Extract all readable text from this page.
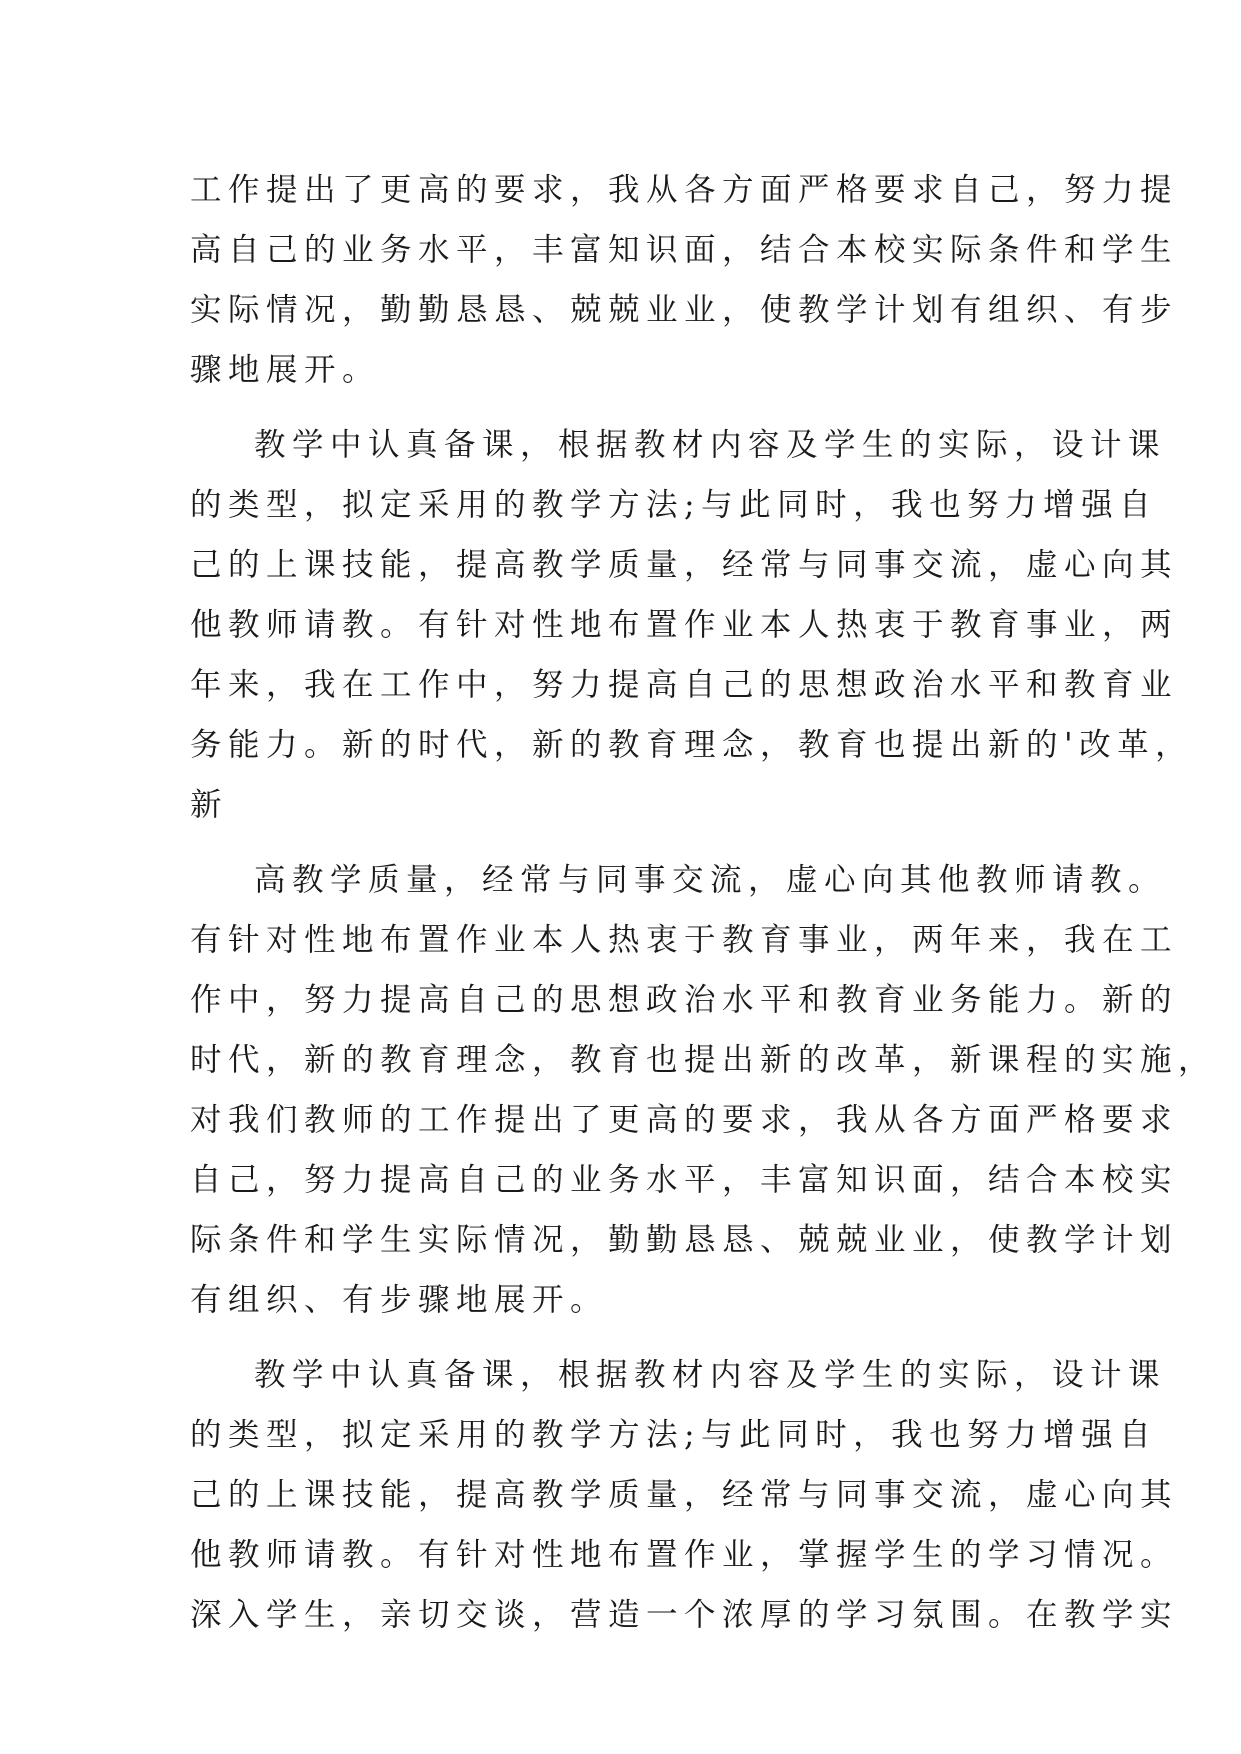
工作提出了更高的要求，我从各方面严格要求自己，努力提

高自己的业务水平，丰富知识面，结合本校实际条件和学生

实际情况，勤勤恳恳、兢兢业业，使教学计划有组织、有步

骤地展开。

教学中认真备课，根据教材内容及学生的实际，设计课

的类型，拟定采用的教学方法;与此同时，我也努力增强自

己的上课技能，提高教学质量，经常与同事交流，虚心向其

他教师请教。有针对性地布置作业本人热衷于教育事业，两

年来，我在工作中，努力提高自己的思想政治水平和教育业

务能力。新的时代，新的教育理念，教育也提出新的'改革，

新

高教学质量，经常与同事交流，虚心向其他教师请教。

有针对性地布置作业本人热衷于教育事业，两年来，我在工

作中，努力提高自己的思想政治水平和教育业务能力。新的

时代，新的教育理念，教育也提出新的改革，新课程的实施，

对我们教师的工作提出了更高的要求，我从各方面严格要求

自己，努力提高自己的业务水平，丰富知识面，结合本校实

际条件和学生实际情况，勤勤恳恳、兢兢业业，使教学计划

有组织、有步骤地展开。

教学中认真备课，根据教材内容及学生的实际，设计课

的类型，拟定采用的教学方法;与此同时，我也努力增强自

己的上课技能，提高教学质量，经常与同事交流，虚心向其

他教师请教。有针对性地布置作业，掌握学生的学习情况。

深入学生，亲切交谈，营造一个浓厚的学习氛围。在教学实
